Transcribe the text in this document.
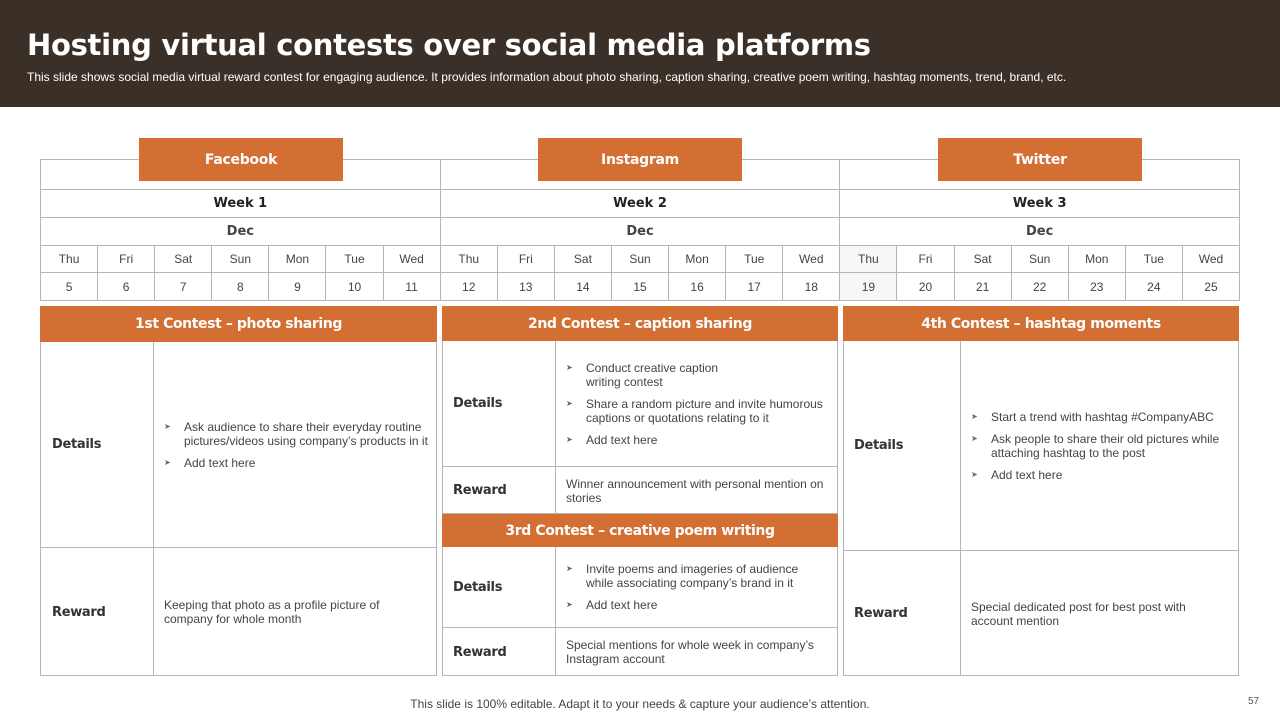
Hosting virtual contests over social media platforms
This slide shows social media virtual reward contest for engaging audience. It provides information about photo sharing, caption sharing, creative poem writing, hashtag moments, trend, brand, etc.

Week 1							Week 2							Week 3						
Dec							Dec							Dec						
Thu	Fri	Sat	Sun	Mon	Tue	Wed	Thu	Fri	Sat	Sun	Mon	Tue	Wed	Thu	Fri	Sat	Sun	Mon	Tue	Wed
5	6	7	8	9	10	11	12	13	14	15	16	17	18	19	20	21	22	23	24	25
Facebook	Instagram	Twitter
1st Contest – photo sharing
Details
➤ Ask audience to share their everyday routine pictures/videos using company’s products in it
➤ Add text here
Reward	Keeping that photo as a profile picture of company for whole month
2nd Contest – caption sharing
Details
➤ Conduct creative caption writing contest
➤ Share a random picture and invite humorous captions or quotations relating to it
➤ Add text here
Reward	Winner announcement with personal mention on stories
3rd Contest – creative poem writing
Details
➤ Invite poems and imageries of audience while associating company’s brand in it
➤ Add text here
Reward	Special mentions for whole week in company’s Instagram account
4th Contest – hashtag moments
Details
➤ Start a trend with hashtag #CompanyABC
➤ Ask people to share their old pictures while attaching hashtag to the post
➤ Add text here
Reward	Special dedicated post for best post with account mention
This slide is 100% editable. Adapt it to your needs & capture your audience’s attention.	57
